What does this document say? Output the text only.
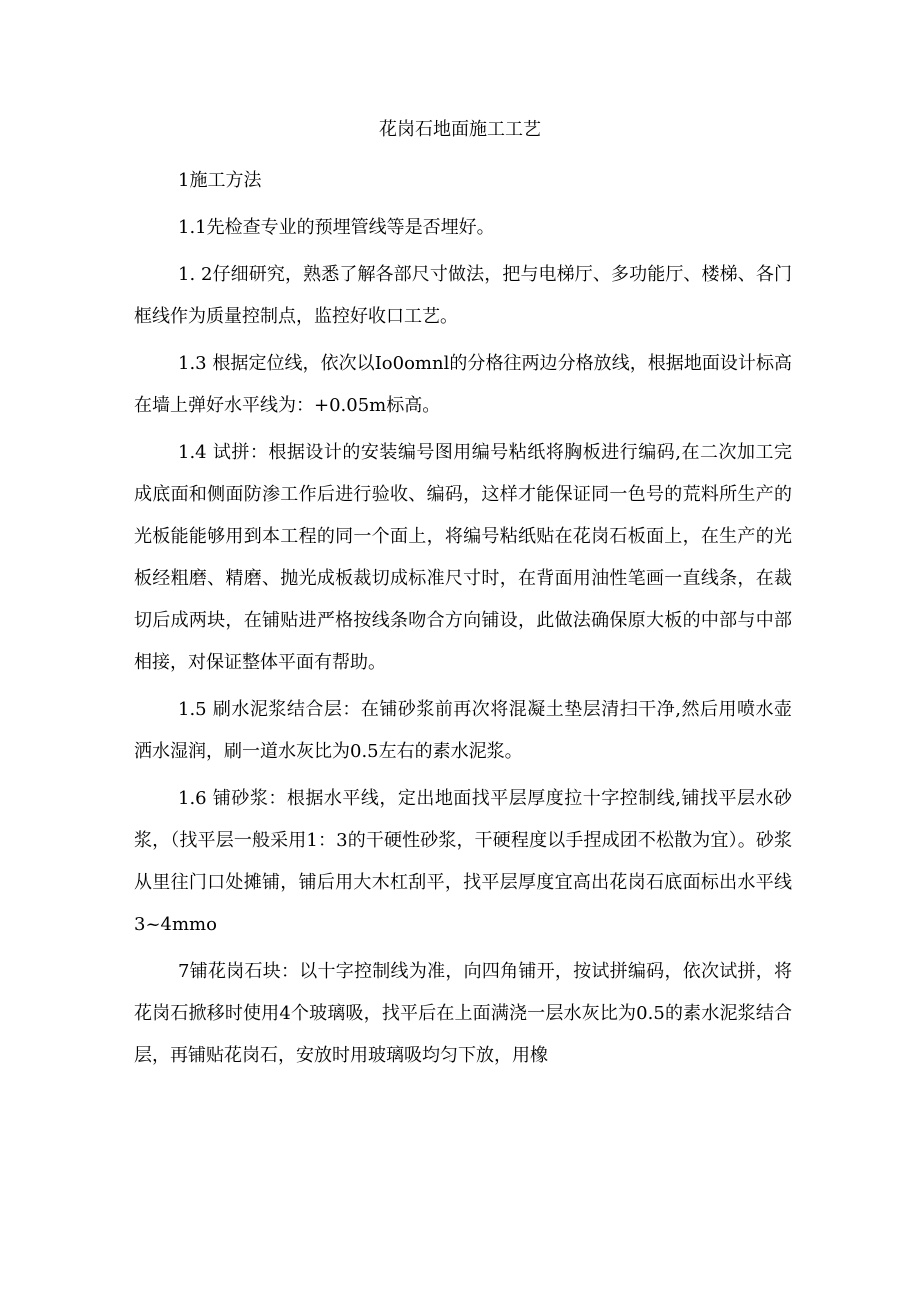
花岗石地面施工工艺

1施工方法

1.1先检查专业的预埋管线等是否埋好。

1. 2仔细研究，熟悉了解各部尺寸做法，把与电梯厅、多功能厅、楼梯、各门框线作为质量控制点，监控好收口工艺。

1.3 根据定位线，依次以Io0omnl的分格往两边分格放线，根据地面设计标高在墙上弹好水平线为：+0.05m标高。

1.4 试拼：根据设计的安装编号图用编号粘纸将胸板进行编码,在二次加工完成底面和侧面防渗工作后进行验收、编码，这样才能保证同一色号的荒料所生产的光板能能够用到本工程的同一个面上，将编号粘纸贴在花岗石板面上，在生产的光板经粗磨、精磨、抛光成板裁切成标准尺寸时，在背面用油性笔画一直线条，在裁切后成两块，在铺贴进严格按线条吻合方向铺设，此做法确保原大板的中部与中部相接，对保证整体平面有帮助。

1.5 刷水泥浆结合层：在铺砂浆前再次将混凝土垫层清扫干净,然后用喷水壶洒水湿润，刷一道水灰比为0.5左右的素水泥浆。

1.6 铺砂浆：根据水平线，定出地面找平层厚度拉十字控制线,铺找平层水砂浆，（找平层一般采用1：3的干硬性砂浆，干硬程度以手捏成团不松散为宜）。砂浆从里往门口处摊铺，铺后用大木杠刮平，找平层厚度宜高出花岗石底面标出水平线3~4mmo

7铺花岗石块：以十字控制线为准，向四角铺开，按试拼编码，依次试拼，将花岗石掀移时使用4个玻璃吸，找平后在上面满浇一层水灰比为0.5的素水泥浆结合层，再铺贴花岗石，安放时用玻璃吸均匀下放，用橡
